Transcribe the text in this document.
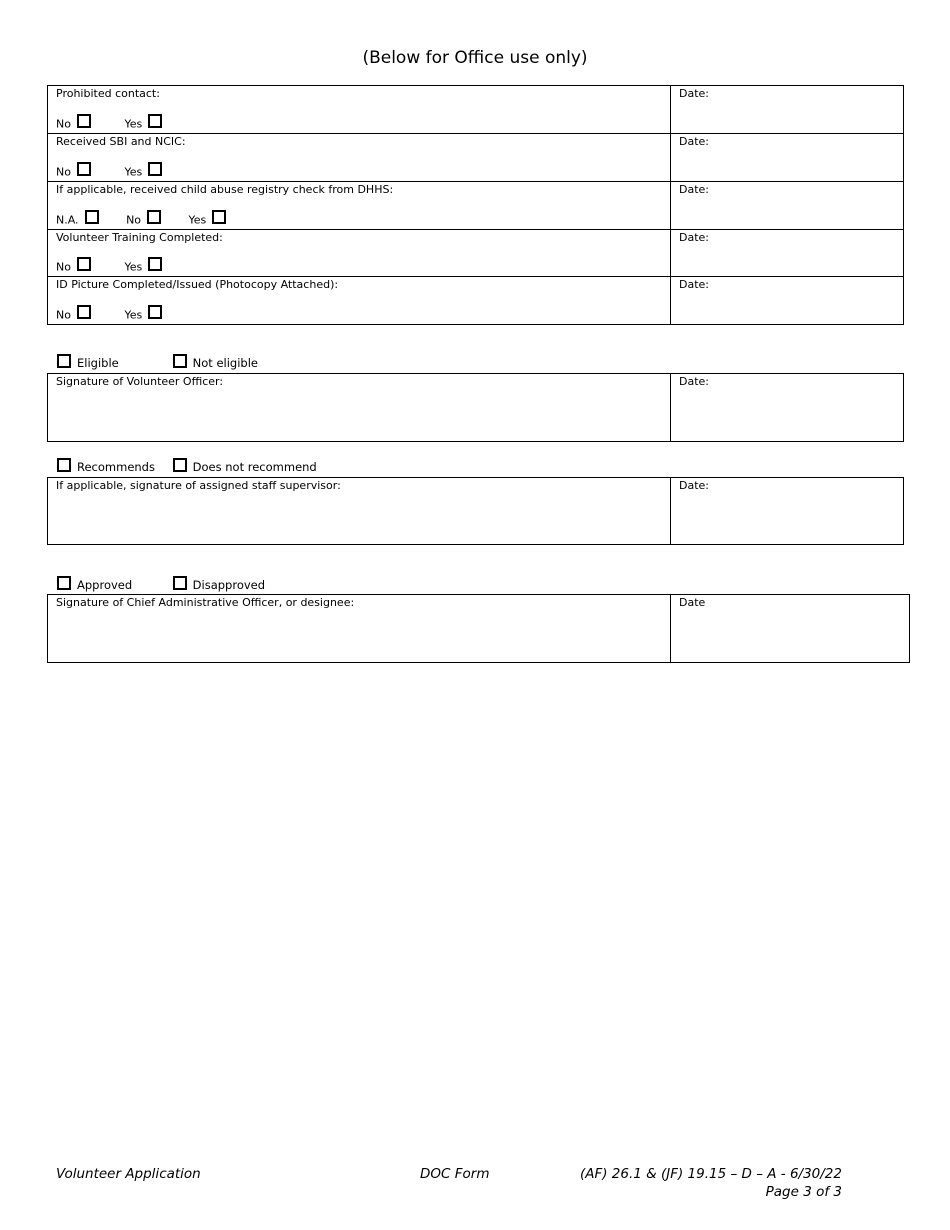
(Below for Office use only)
Prohibited contact:
No Yes	Date:

Received SBI and NCIC:
No Yes	Date:

If applicable, received child abuse registry check from DHHS:
N.A. No Yes	Date:

Volunteer Training Completed:
No Yes	Date:

ID Picture Completed/Issued (Photocopy Attached):
No Yes	Date:
Eligible	Not eligible
Signature of Volunteer Officer:	Date:
Recommends	Does not recommend
If applicable, signature of assigned staff supervisor:	Date:
Approved	Disapproved
Signature of Chief Administrative Officer, or designee:	Date
Volunteer Application	DOC Form	(AF) 26.1 & (JF) 19.15 – D – A - 6/30/22
Page 3 of 3
